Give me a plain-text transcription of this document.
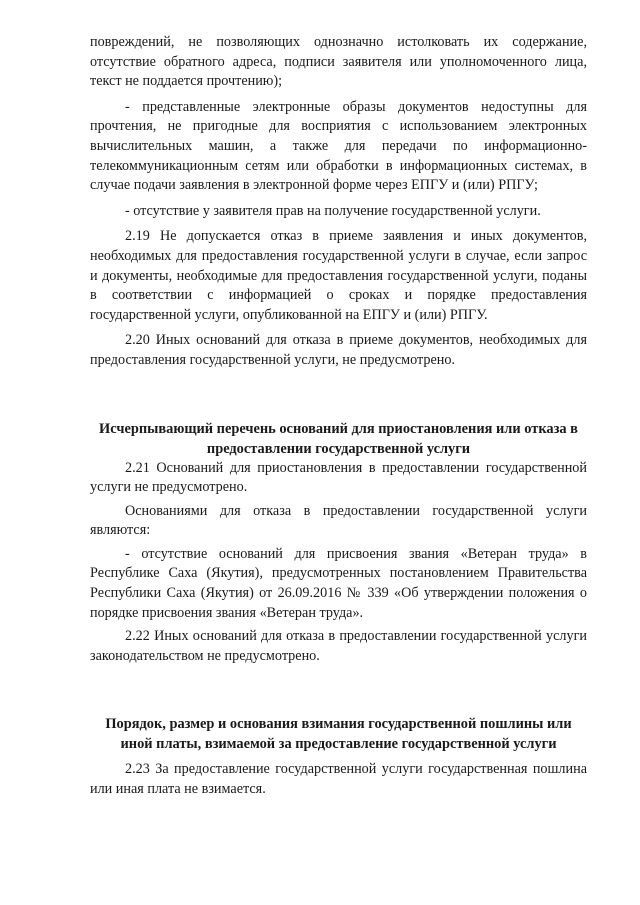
повреждений, не позволяющих однозначно истолковать их содержание, отсутствие обратного адреса, подписи заявителя или уполномоченного лица, текст не поддается прочтению);

- представленные электронные образы документов недоступны для прочтения, не пригодные для восприятия с использованием электронных вычислительных машин, а также для передачи по информационно-телекоммуникационным сетям или обработки в информационных системах, в случае подачи заявления в электронной форме через ЕПГУ и (или) РПГУ;

- отсутствие у заявителя прав на получение государственной услуги.

2.19 Не допускается отказ в приеме заявления и иных документов, необходимых для предоставления государственной услуги в случае, если запрос и документы, необходимые для предоставления государственной услуги, поданы в соответствии с информацией о сроках и порядке предоставления государственной услуги, опубликованной на ЕПГУ и (или) РПГУ.

2.20 Иных оснований для отказа в приеме документов, необходимых для предоставления государственной услуги, не предусмотрено.

Исчерпывающий перечень оснований для приостановления или отказа в предоставлении государственной услуги

2.21 Оснований для приостановления в предоставлении государственной услуги не предусмотрено.

Основаниями для отказа в предоставлении государственной услуги являются:

- отсутствие оснований для присвоения звания «Ветеран труда» в Республике Саха (Якутия), предусмотренных постановлением Правительства Республики Саха (Якутия) от 26.09.2016 № 339 «Об утверждении положения о порядке присвоения звания «Ветеран труда».

2.22 Иных оснований для отказа в предоставлении государственной услуги законодательством не предусмотрено.

Порядок, размер и основания взимания государственной пошлины или иной платы, взимаемой за предоставление государственной услуги

2.23 За предоставление государственной услуги государственная пошлина или иная плата не взимается.
